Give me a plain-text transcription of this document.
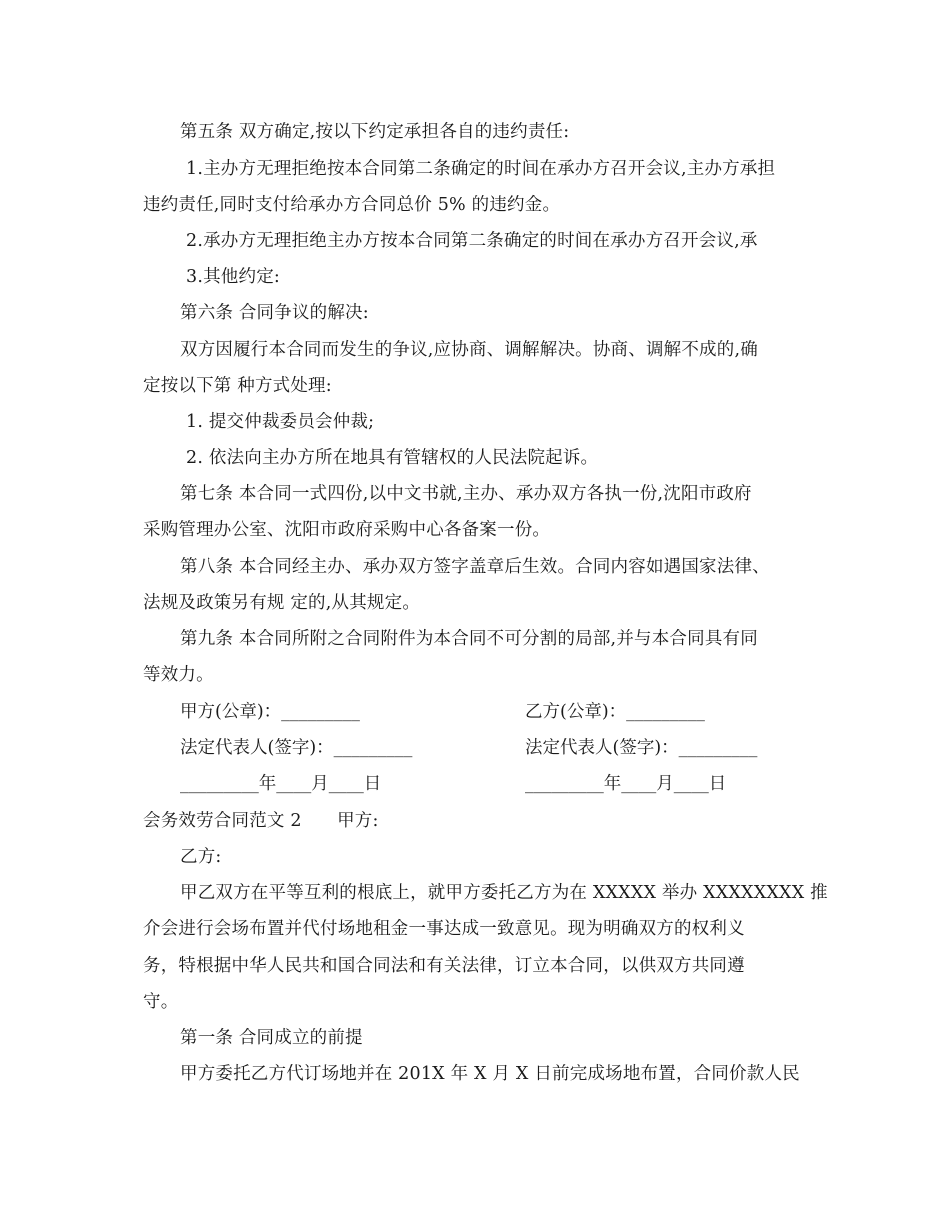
第五条 双方确定,按以下约定承担各自的违约责任:
1.主办方无理拒绝按本合同第二条确定的时间在承办方召开会议,主办方承担
违约责任,同时支付给承办方合同总价 5% 的违约金。
2.承办方无理拒绝主办方按本合同第二条确定的时间在承办方召开会议,承
3.其他约定:
第六条 合同争议的解决:
双方因履行本合同而发生的争议,应协商、调解解决。协商、调解不成的,确
定按以下第 种方式处理:
1. 提交仲裁委员会仲裁;
2. 依法向主办方所在地具有管辖权的人民法院起诉。
第七条 本合同一式四份,以中文书就,主办、承办双方各执一份,沈阳市政府
采购管理办公室、沈阳市政府采购中心各备案一份。
第八条 本合同经主办、承办双方签字盖章后生效。合同内容如遇国家法律、
法规及政策另有规 定的,从其规定。
第九条 本合同所附之合同附件为本合同不可分割的局部,并与本合同具有同
等效力。
甲方(公章)：_________	乙方(公章)：_________
法定代表人(签字)：_________	法定代表人(签字)：_________
_________年____月____日	_________年____月____日
会务效劳合同范文 2　　甲方:
乙方:
甲乙双方在平等互利的根底上，就甲方委托乙方为在 XXXXX 举办 XXXXXXXX 推
介会进行会场布置并代付场地租金一事达成一致意见。现为明确双方的权利义
务，特根据中华人民共和国合同法和有关法律，订立本合同，以供双方共同遵
守。
第一条 合同成立的前提
甲方委托乙方代订场地并在 201X 年 X 月 X 日前完成场地布置，合同价款人民
